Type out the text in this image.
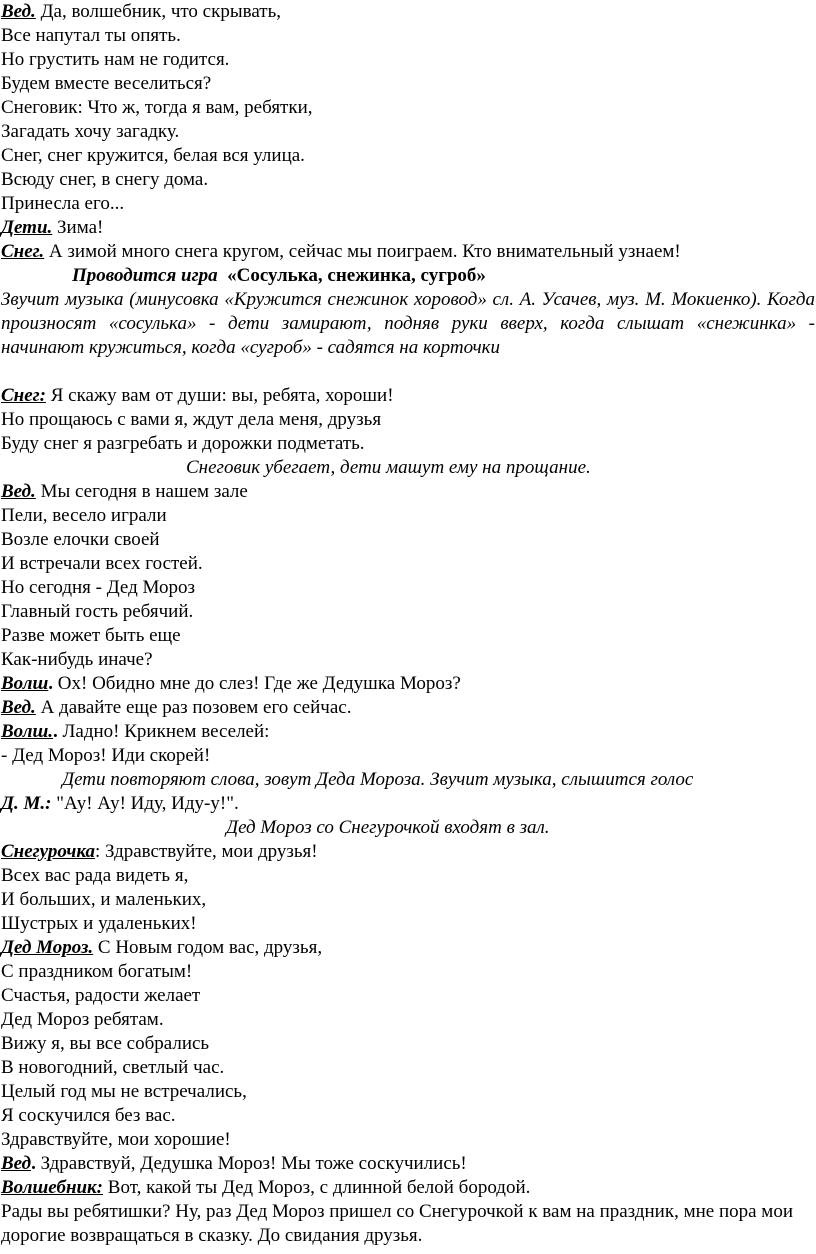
Вед. Да, волшебник, что скрывать,

Все напутал ты опять.

Но грустить нам не годится.

Будем вместе веселиться?

Снеговик: Что ж, тогда я вам, ребятки,

Загадать хочу загадку.

Снег, снег кружится, белая вся улица.

Всюду снег, в снегу дома.

Принесла его...

Дети. Зима!

Снег. А зимой много снега кругом, сейчас мы поиграем. Кто внимательный узнаем!

Проводится игра «Сосулька, снежинка, сугроб»

Звучит музыка (минусовка «Кружится снежинок хоровод» сл. А. Усачев, муз. М. Мокиенко). Когда произносят «сосулька» - дети замирают, подняв руки вверх, когда слышат «снежинка» - начинают кружиться, когда «сугроб» - садятся на корточки

Снег: Я скажу вам от души: вы, ребята, хороши!

Но прощаюсь с вами я, ждут дела меня, друзья

Буду снег я разгребать и дорожки подметать.

Снеговик убегает, дети машут ему на прощание.

Вед. Мы сегодня в нашем зале

Пели, весело играли

Возле елочки своей

И встречали всех гостей.

Но сегодня - Дед Мороз

Главный гость ребячий.

Разве может быть еще

Как-нибудь иначе?

Волш. Ох! Обидно мне до слез! Где же Дедушка Мороз?

Вед. А давайте еще раз позовем его сейчас.

Волш.. Ладно! Крикнем веселей:

- Дед Мороз! Иди скорей!

Дети повторяют слова, зовут Деда Мороза. Звучит музыка, слышится голос

Д. М.: "Ау! Ау! Иду, Иду-у!".

Дед Мороз со Снегурочкой входят в зал.

Снегурочка: Здравствуйте, мои друзья!

Всех вас рада видеть я,

И больших, и маленьких,

Шустрых и удаленьких!

Дед Мороз. С Новым годом вас, друзья,

С праздником богатым!

Счастья, радости желает

Дед Мороз ребятам.

Вижу я, вы все собрались

В новогодний, светлый час.

Целый год мы не встречались,

Я соскучился без вас.

Здравствуйте, мои хорошие!

Вед. Здравствуй, Дедушка Мороз! Мы тоже соскучились!

Волшебник: Вот, какой ты Дед Мороз, с длинной белой бородой.

Рады вы ребятишки? Ну, раз Дед Мороз пришел со Снегурочкой к вам на праздник, мне пора мои дорогие возвращаться в сказку. До свидания друзья.
